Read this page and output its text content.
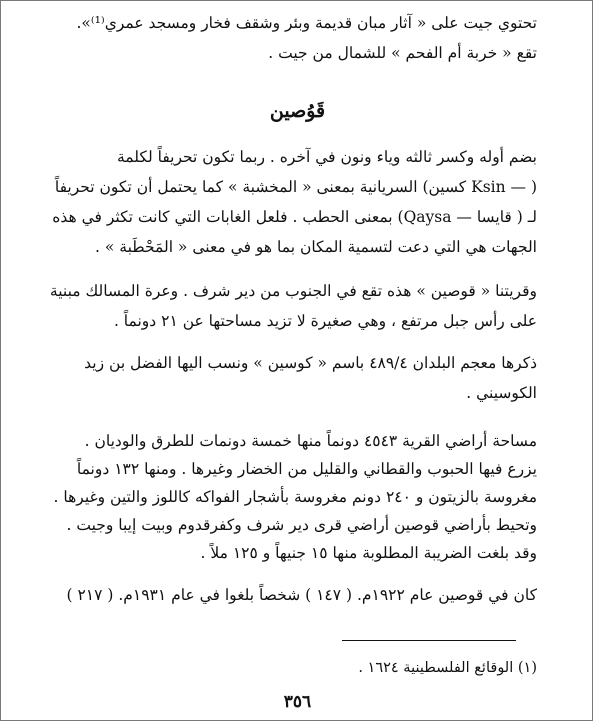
تحتوي جيت على « آثار مبان قديمة وبئر وشقف فخار ومسجد عمري⁽¹⁾».
تقع « خربة أم الفحم » للشمال من جيت .
قَوُصين
بضم أوله وكسر ثالثه وياء ونون في آخره . ربما تكون تحريفاً لكلمة
( — Ksin كسين) السريانية بمعنى « المخشبة » كما يحتمل أن تكون تحريفاً
لـ ( قايسا — Qaysa) بمعنى الحطب . فلعل الغابات التي كانت تكثر في هذه
الجهات هي التي دعت لتسمية المكان بما هو في معنى « المَحْطَبة » .
وقريتنا « قوصين » هذه تقع في الجنوب من دير شرف . وعرة المسالك مبنية
على رأس جبل مرتفع ، وهي صغيرة لا تزيد مساحتها عن ٢١ دونماً .
ذكرها معجم البلدان ٤٨٩/٤ باسم « كوسين » ونسب اليها الفضل بن زيد
الكوسيني .
مساحة أراضي القرية ٤٥٤٣ دونماً منها خمسة دونمات للطرق والوديان .
يزرع فيها الحبوب والقطاني والقليل من الخضار وغيرها . ومنها ١٣٢ دونماً
مغروسة بالزيتون و ٢٤٠ دونم مغروسة بأشجار الفواكه كاللوز والتين وغيرها .
وتحيط بأراضي قوصين أراضي قرى دير شرف وكفرقدوم وبيت إيبا وجيت .
وقد بلغت الضريبة المطلوبة منها ١٥ جنيهاً و ١٢٥ ملاً .
كان في قوصين عام ١٩٢٢م. ( ١٤٧ ) شخصاً بلغوا في عام ١٩٣١م. ( ٢١٧ )
(١) الوقائع الفلسطينية ١٦٢٤ .
٣٥٦
